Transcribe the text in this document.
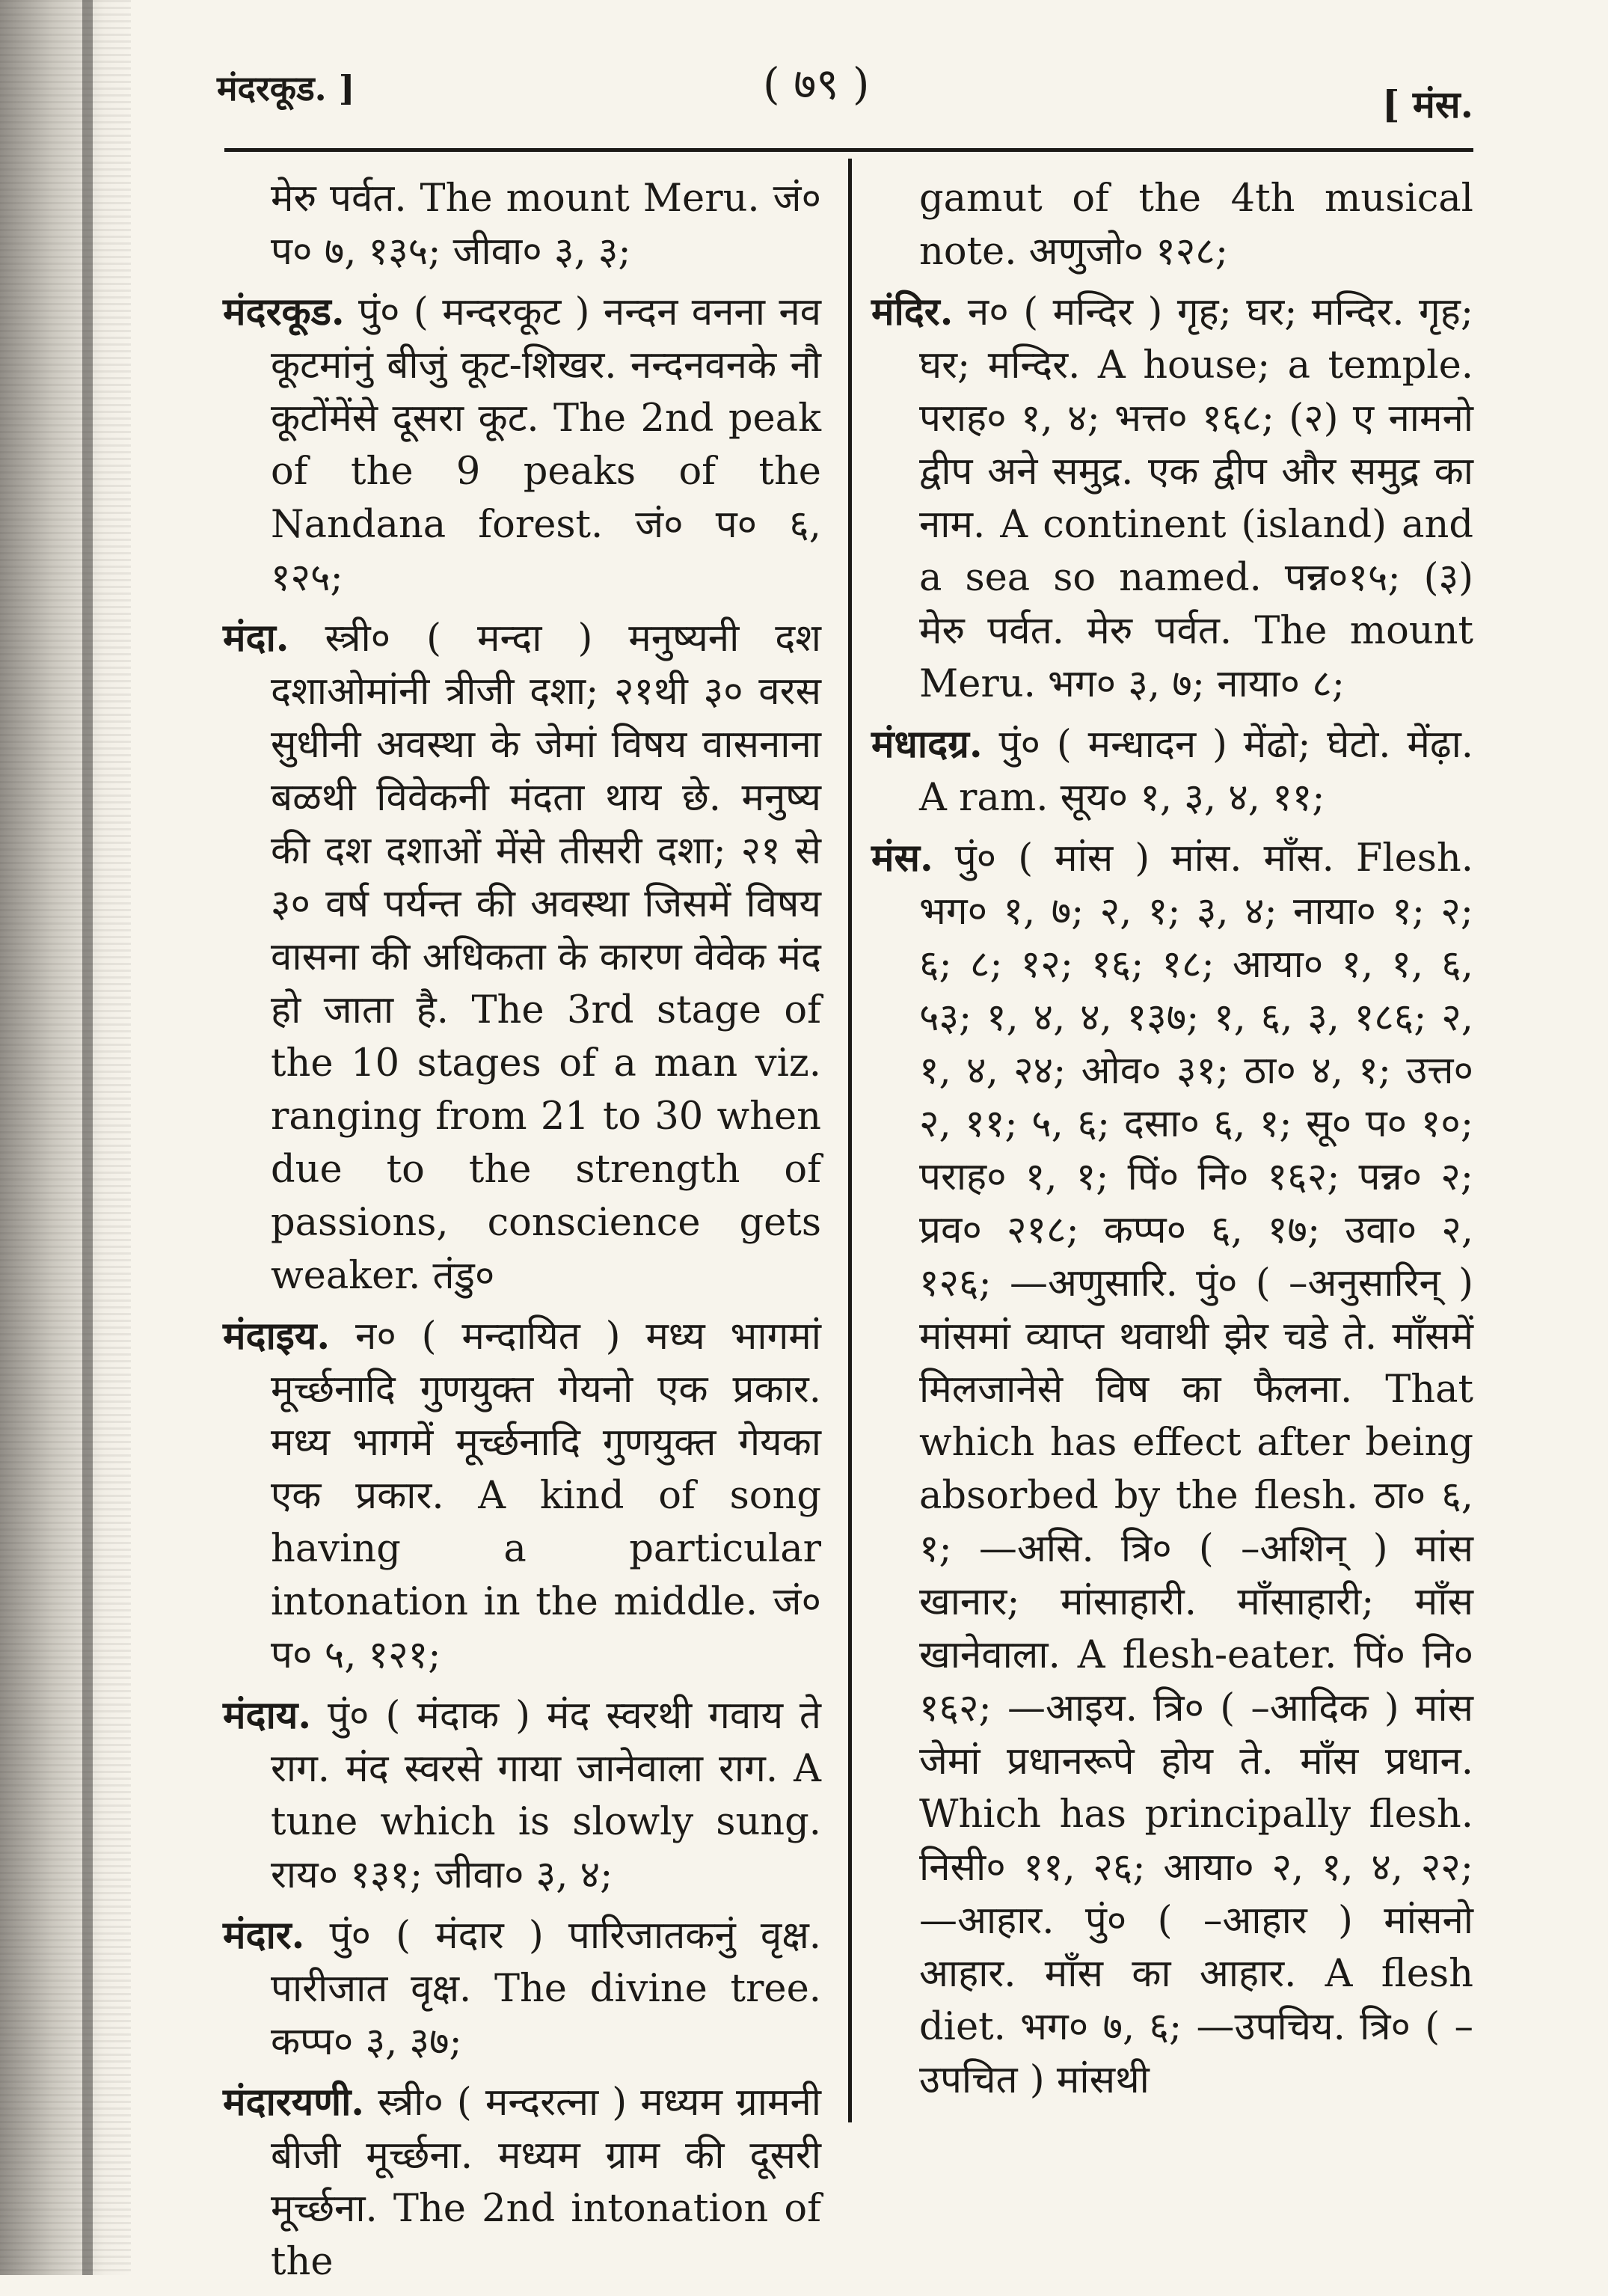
मंदरकूड. ]	( ७९ )	[ मंस.

मेरु पर्वत. The mount Meru. जं० प० ७, १३५; जीवा० ३, ३;

मंदरकूड. पुं० ( मन्दरकूट ) नन्दन वनना नव कूटमांनुं बीजुं कूट-शिखर. नन्दनवनके नौ कूटोंमेंसे दूसरा कूट. The 2nd peak of the 9 peaks of the Nandana forest. जं० प० ६, १२५;

मंदा. स्त्री० ( मन्दा ) मनुष्यनी दश दशाओमांनी त्रीजी दशा; २१थी ३० वरस सुधीनी अवस्था के जेमां विषय वासनाना बळथी विवेकनी मंदता थाय छे. मनुष्य की दश दशाओं मेंसे तीसरी दशा; २१ से ३० वर्ष पर्यन्त की अवस्था जिसमें विषय वासना की अधिकता के कारण वेवेक मंद हो जाता है. The 3rd stage of the 10 stages of a man viz. ranging from 21 to 30 when due to the strength of passions, conscience gets weaker. तंडु०

मंदाइय. न० ( मन्दायित ) मध्य भागमां मूर्च्छनादि गुणयुक्त गेयनो एक प्रकार. मध्य भागमें मूर्च्छनादि गुणयुक्त गेयका एक प्रकार. A kind of song having a particular intonation in the middle. जं० प० ५, १२१;

मंदाय. पुं० ( मंदाक ) मंद स्वरथी गवाय ते राग. मंद स्वरसे गाया जानेवाला राग. A tune which is slowly sung. राय० १३१; जीवा० ३, ४;

मंदार. पुं० ( मंदार ) पारिजातकनुं वृक्ष. पारीजात वृक्ष. The divine tree. कप्प० ३, ३७;

मंदारयणी. स्त्री० ( मन्दरत्ना ) मध्यम ग्रामनी बीजी मूर्च्छना. मध्यम ग्राम की दूसरी मूर्च्छना. The 2nd intonation of the

gamut of the 4th musical note. अणुजो० १२८;

मंदिर. न० ( मन्दिर ) गृह; घर; मन्दिर. गृह; घर; मन्दिर. A house; a temple. पराह० १, ४; भत्त० १६८; (२) ए नामनो द्वीप अने समुद्र. एक द्वीप और समुद्र का नाम. A continent (island) and a sea so named. पन्न०१५; (३) मेरु पर्वत. मेरु पर्वत. The mount Meru. भग० ३, ७; नाया० ८;

मंधादग्र. पुं० ( मन्धादन ) मेंढो; घेटो. मेंढ़ा. A ram. सूय० १, ३, ४, ११;

मंस. पुं० ( मांस ) मांस. माँस. Flesh. भग० १, ७; २, १; ३, ४; नाया० १; २; ६; ८; १२; १६; १८; आया० १, १, ६, ५३; १, ४, ४, १३७; १, ६, ३, १८६; २, १, ४, २४; ओव० ३१; ठा० ४, १; उत्त० २, ११; ५, ६; दसा० ६, १; सू० प० १०; पराह० १, १; पिं० नि० १६२; पन्न० २; प्रव० २१८; कप्प० ६, १७; उवा० २, १२६; —अणुसारि. पुं० ( –अनुसारिन् ) मांसमां व्याप्त थवाथी झेर चडे ते. माँसमें मिलजानेसे विष का फैलना. That which has effect after being absorbed by the flesh. ठा० ६, १; —असि. त्रि० ( –अशिन् ) मांस खानार; मांसाहारी. माँसाहारी; माँस खानेवाला. A flesh-eater. पिं० नि० १६२; —आइय. त्रि० ( –आदिक ) मांस जेमां प्रधानरूपे होय ते. माँस प्रधान. Which has principally flesh. निसी० ११, २६; आया० २, १, ४, २२; —आहार. पुं० ( –आहार ) मांसनो आहार. माँस का आहार. A flesh diet. भग० ७, ६; —उपचिय. त्रि० ( –उपचित ) मांसथी
